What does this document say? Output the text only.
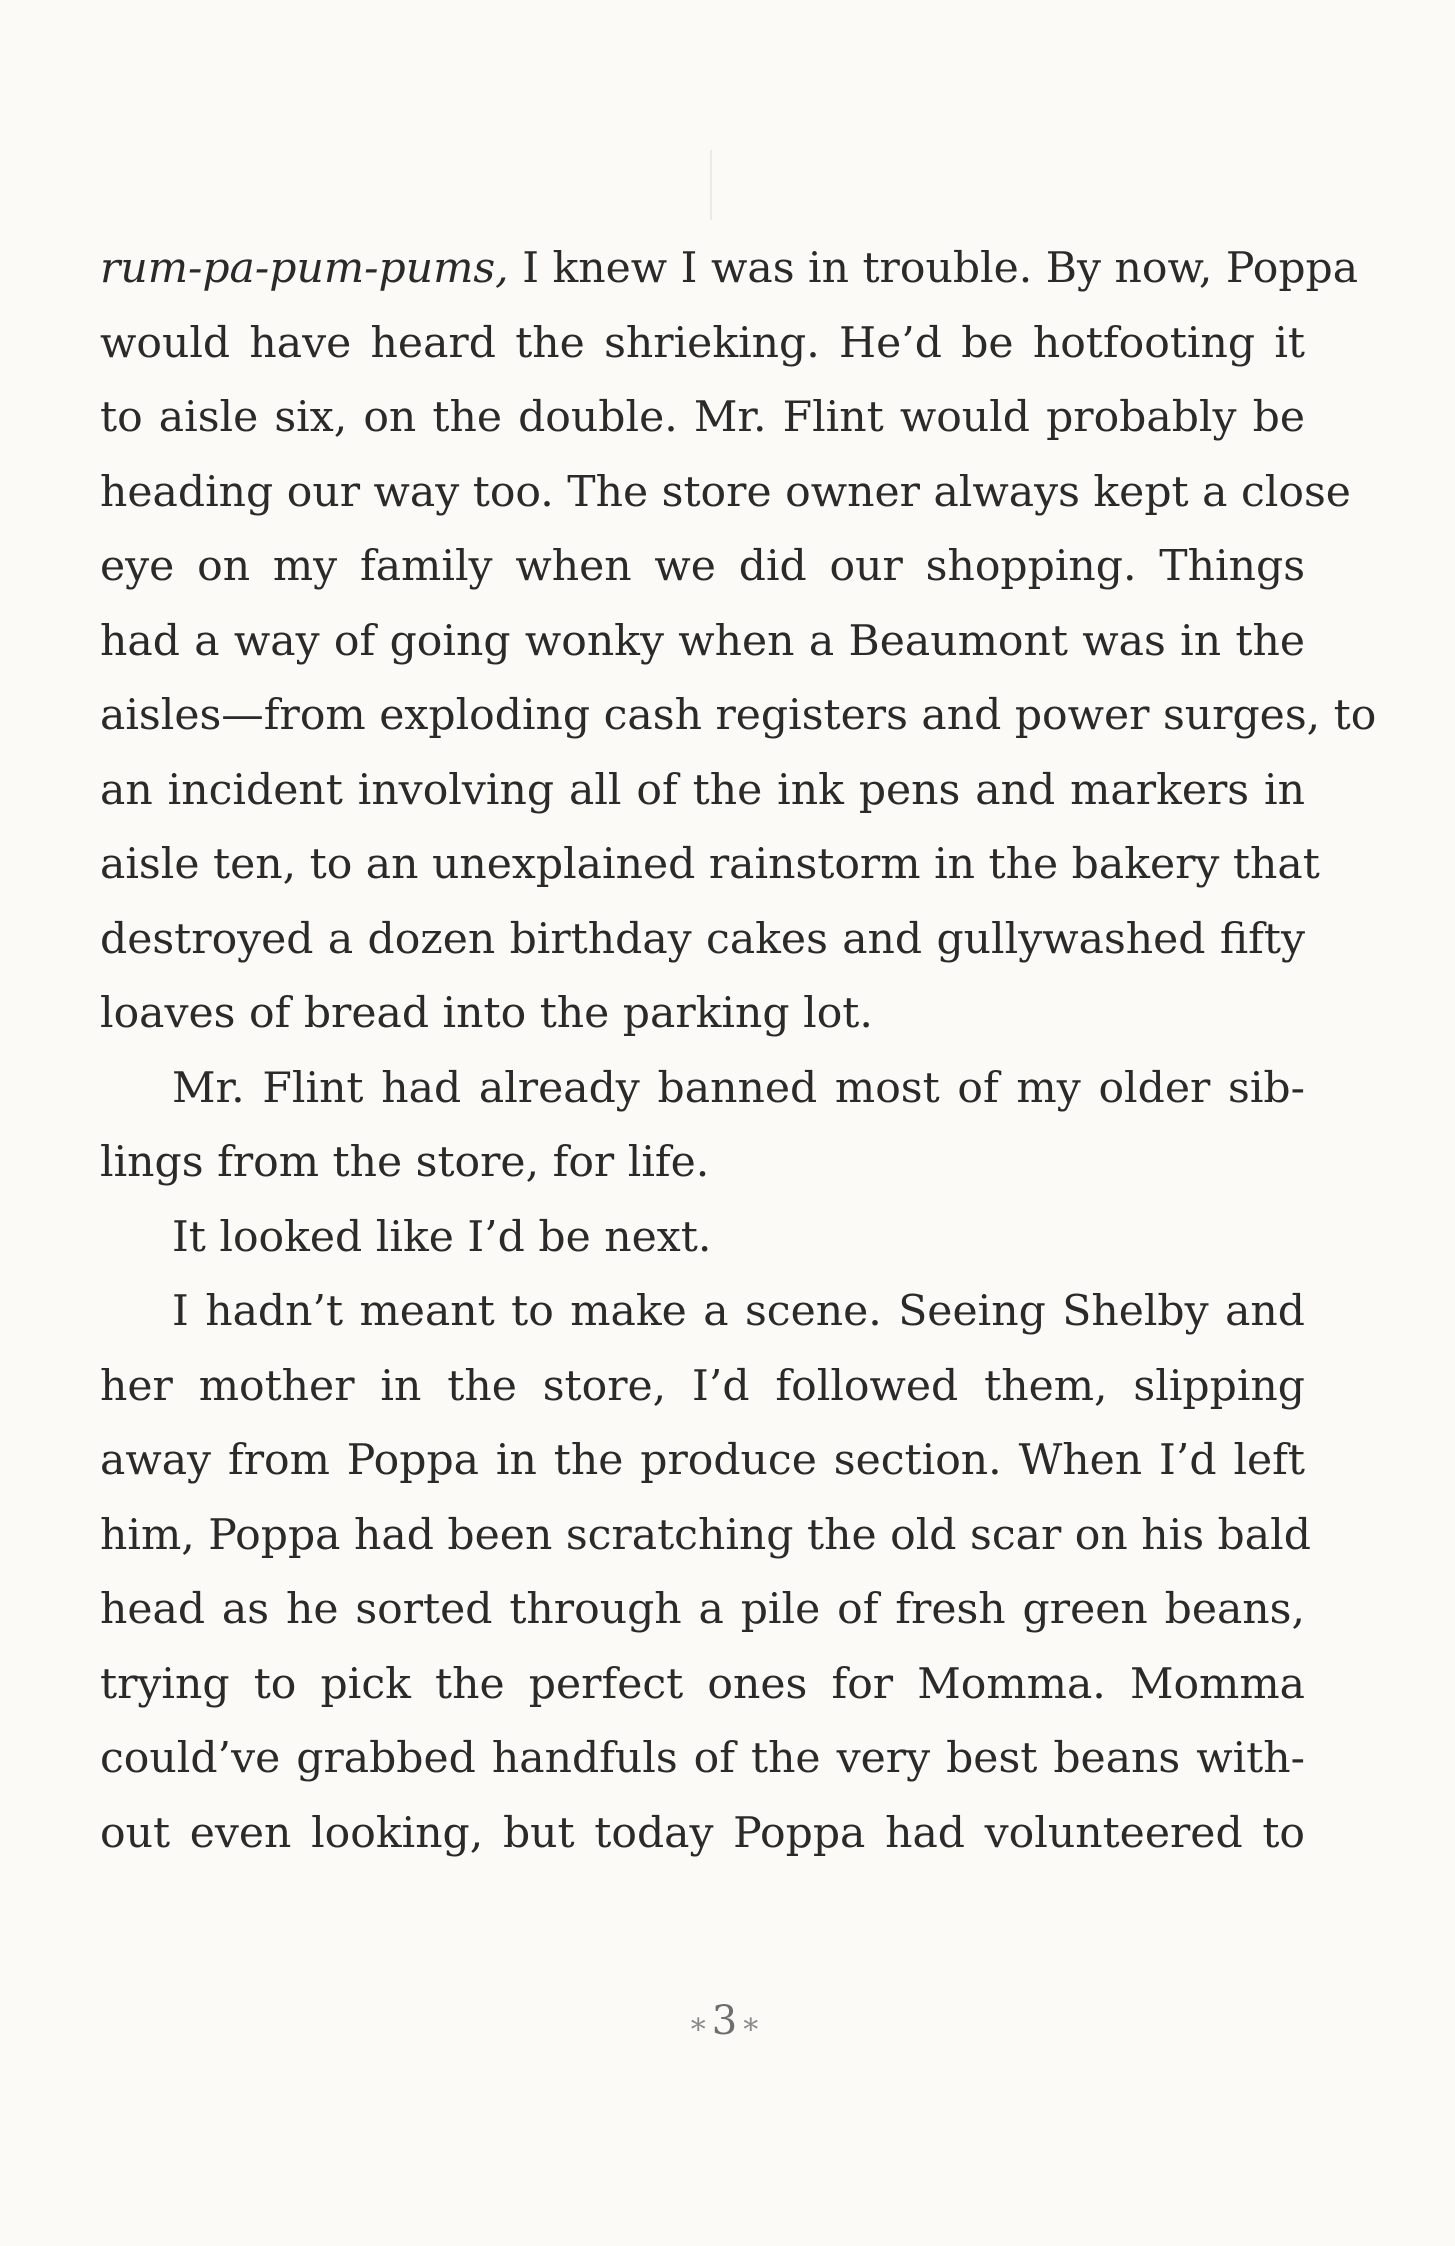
rum-pa-pum-pums, I knew I was in trouble. By now, Poppa
would have heard the shrieking. He’d be hotfooting it
to aisle six, on the double. Mr. Flint would probably be
heading our way too. The store owner always kept a close
eye on my family when we did our shopping. Things
had a way of going wonky when a Beaumont was in the
aisles—from exploding cash registers and power surges, to
an incident involving all of the ink pens and markers in
aisle ten, to an unexplained rainstorm in the bakery that
destroyed a dozen birthday cakes and gullywashed fifty
loaves of bread into the parking lot.
Mr. Flint had already banned most of my older sib-
lings from the store, for life.
It looked like I’d be next.
I hadn’t meant to make a scene. Seeing Shelby and
her mother in the store, I’d followed them, slipping
away from Poppa in the produce section. When I’d left
him, Poppa had been scratching the old scar on his bald
head as he sorted through a pile of fresh green beans,
trying to pick the perfect ones for Momma. Momma
could’ve grabbed handfuls of the very best beans with-
out even looking, but today Poppa had volunteered to
⁎3⁎
